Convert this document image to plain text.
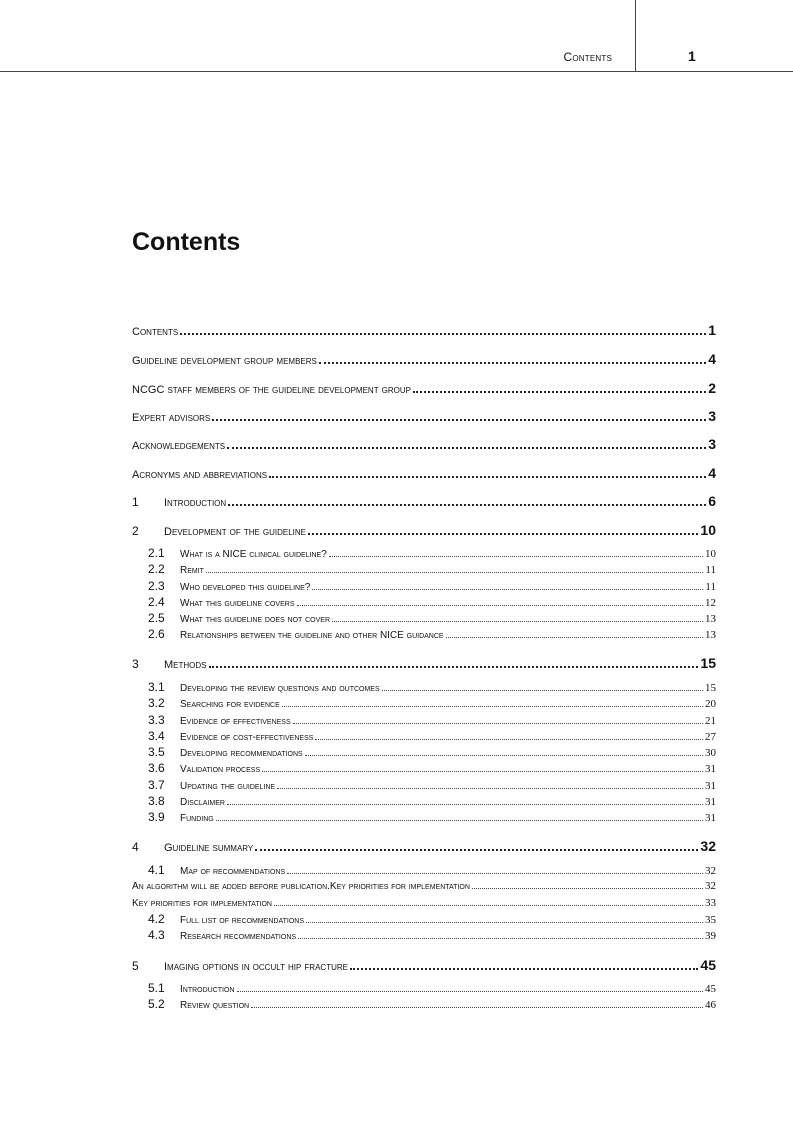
Contents	1
Contents
Contents	1
Guideline development group members	4
NCGC staff members of the guideline development group	2
Expert advisors	3
Acknowledgements	3
Acronyms and abbreviations	4
1	Introduction	6
2	Development of the guideline	10
2.1	What is a NICE clinical guideline?	10
2.2	Remit	11
2.3	Who developed this guideline?	11
2.4	What this guideline covers	12
2.5	What this guideline does not cover	13
2.6	Relationships between the guideline and other NICE guidance	13
3	Methods	15
3.1	Developing the review questions and outcomes	15
3.2	Searching for evidence	20
3.3	Evidence of effectiveness	21
3.4	Evidence of cost-effectiveness	27
3.5	Developing recommendations	30
3.6	Validation process	31
3.7	Updating the guideline	31
3.8	Disclaimer	31
3.9	Funding	31
4	Guideline summary	32
4.1	Map of recommendations	32
An algorithm will be added before publication.Key priorities for implementation	32
Key priorities for implementation	33
4.2	Full list of recommendations	35
4.3	Research recommendations	39
5	Imaging options in occult hip fracture	45
5.1	Introduction	45
5.2	Review question	46
